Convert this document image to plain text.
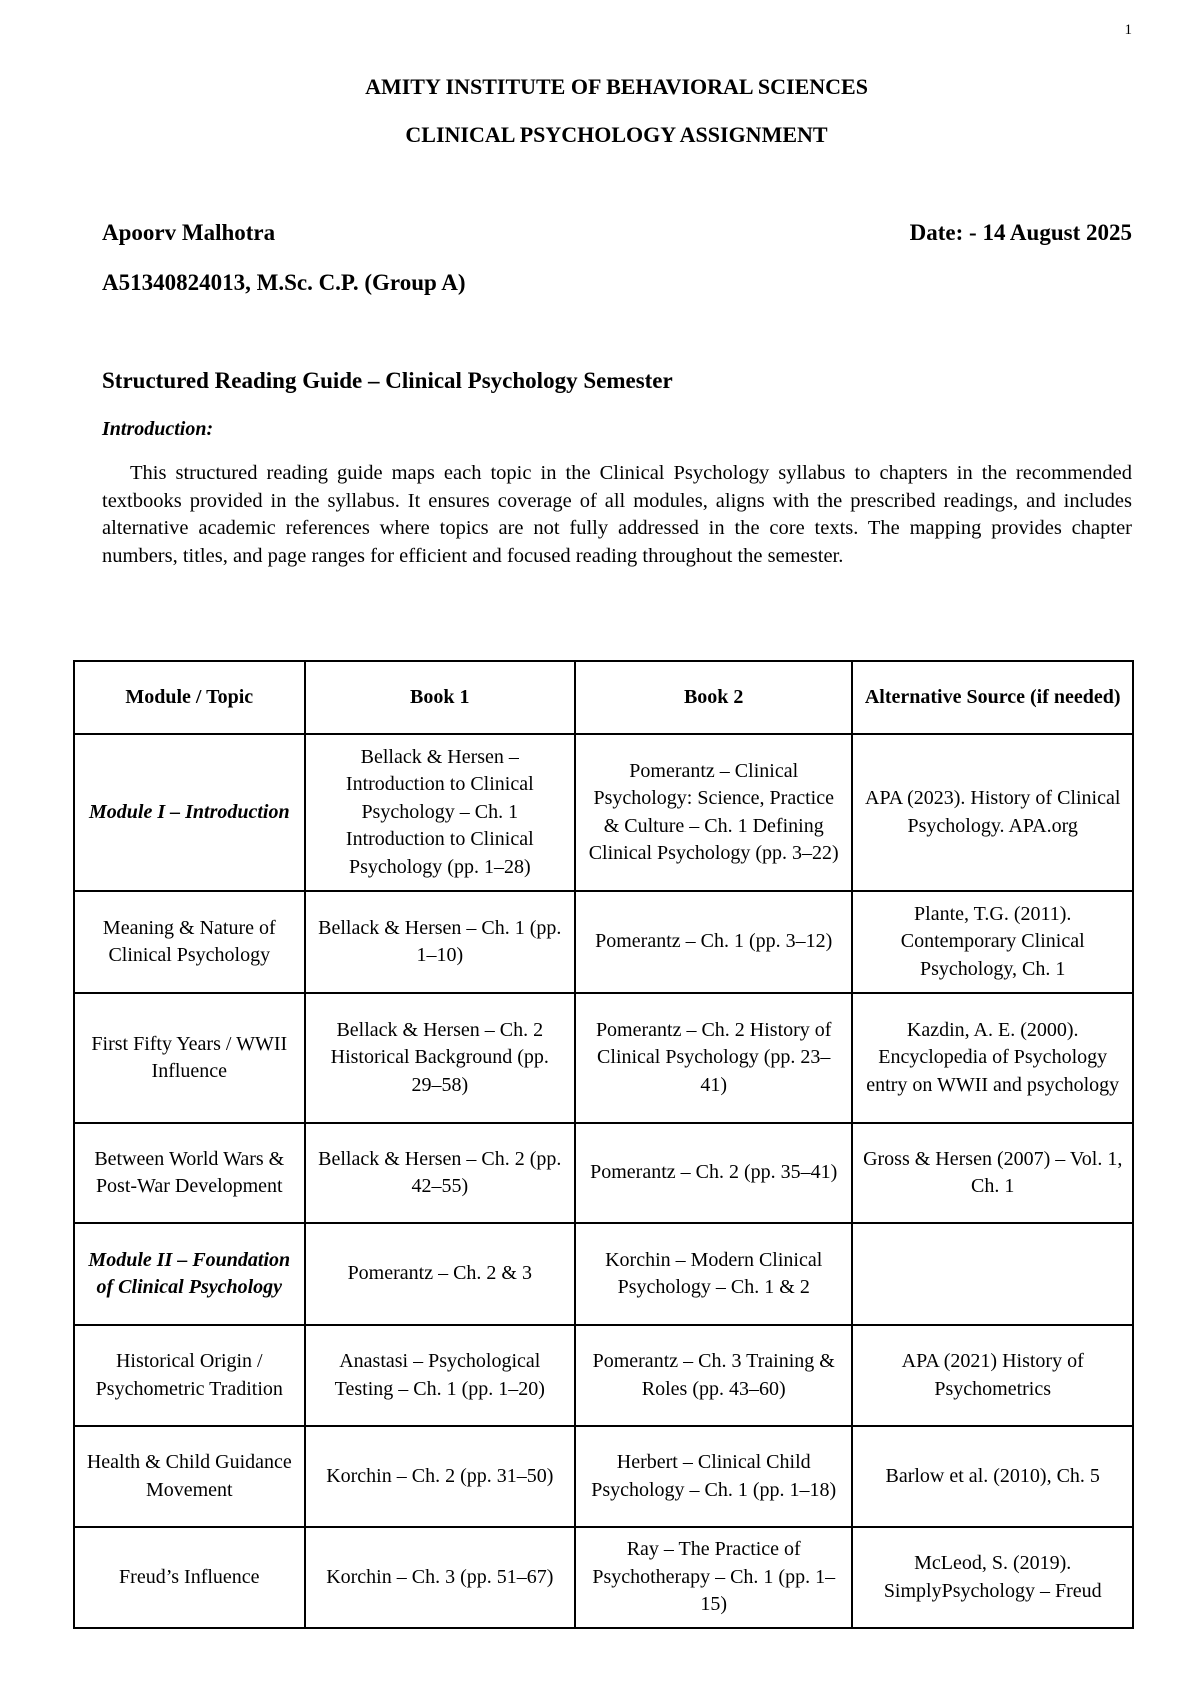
1
AMITY INSTITUTE OF BEHAVIORAL SCIENCES
CLINICAL PSYCHOLOGY ASSIGNMENT
Apoorv Malhotra	Date: - 14 August 2025
A51340824013, M.Sc. C.P. (Group A)
Structured Reading Guide – Clinical Psychology Semester
Introduction:
This structured reading guide maps each topic in the Clinical Psychology syllabus to chapters in the recommended textbooks provided in the syllabus. It ensures coverage of all modules, aligns with the prescribed readings, and includes alternative academic references where topics are not fully addressed in the core texts. The mapping provides chapter numbers, titles, and page ranges for efficient and focused reading throughout the semester.
Module / Topic	Book 1	Book 2	Alternative Source (if needed)
Module I – Introduction	Bellack & Hersen – Introduction to Clinical Psychology – Ch. 1 Introduction to Clinical Psychology (pp. 1–28)	Pomerantz – Clinical Psychology: Science, Practice & Culture – Ch. 1 Defining Clinical Psychology (pp. 3–22)	APA (2023). History of Clinical Psychology. APA.org
Meaning & Nature of Clinical Psychology	Bellack & Hersen – Ch. 1 (pp. 1–10)	Pomerantz – Ch. 1 (pp. 3–12)	Plante, T.G. (2011). Contemporary Clinical Psychology, Ch. 1
First Fifty Years / WWII Influence	Bellack & Hersen – Ch. 2 Historical Background (pp. 29–58)	Pomerantz – Ch. 2 History of Clinical Psychology (pp. 23–41)	Kazdin, A. E. (2000). Encyclopedia of Psychology entry on WWII and psychology
Between World Wars & Post-War Development	Bellack & Hersen – Ch. 2 (pp. 42–55)	Pomerantz – Ch. 2 (pp. 35–41)	Gross & Hersen (2007) – Vol. 1, Ch. 1
Module II – Foundation of Clinical Psychology	Pomerantz – Ch. 2 & 3	Korchin – Modern Clinical Psychology – Ch. 1 & 2	
Historical Origin / Psychometric Tradition	Anastasi – Psychological Testing – Ch. 1 (pp. 1–20)	Pomerantz – Ch. 3 Training & Roles (pp. 43–60)	APA (2021) History of Psychometrics
Health & Child Guidance Movement	Korchin – Ch. 2 (pp. 31–50)	Herbert – Clinical Child Psychology – Ch. 1 (pp. 1–18)	Barlow et al. (2010), Ch. 5
Freud’s Influence	Korchin – Ch. 3 (pp. 51–67)	Ray – The Practice of Psychotherapy – Ch. 1 (pp. 1–15)	McLeod, S. (2019). SimplyPsychology – Freud
